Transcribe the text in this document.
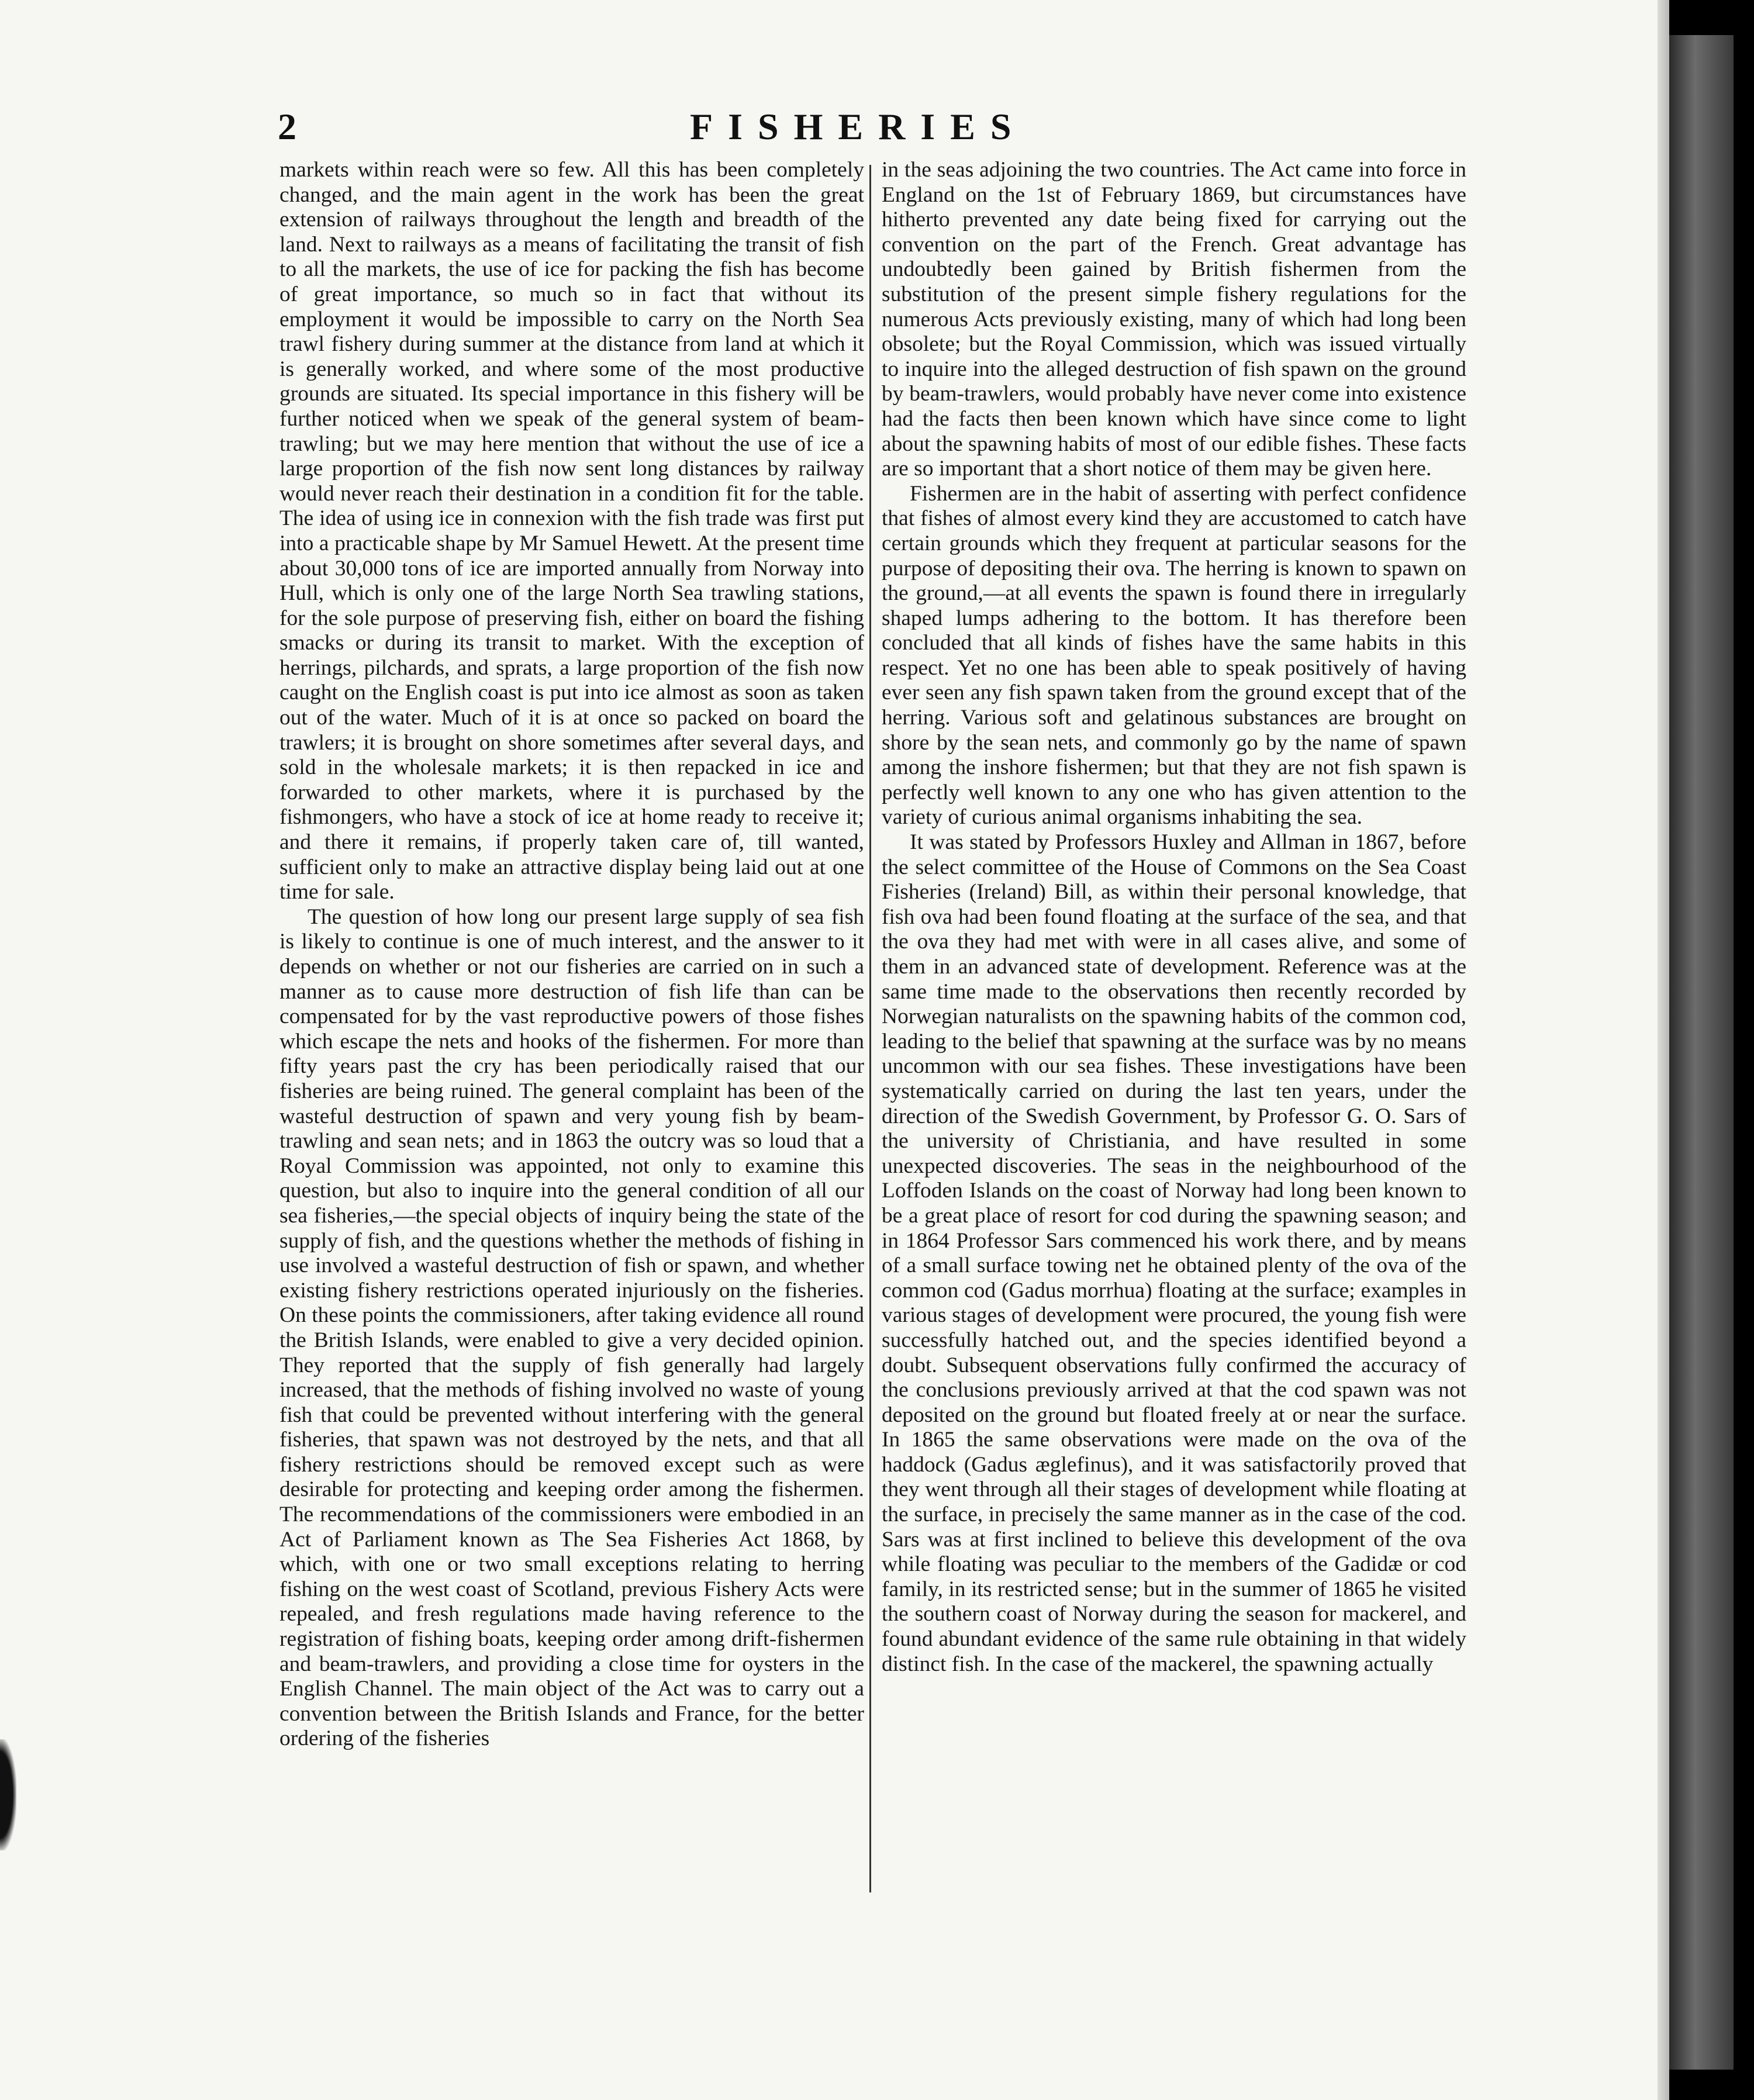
2	FISHERIES

markets within reach were so few. All this has been completely changed, and the main agent in the work has been the great extension of railways throughout the length and breadth of the land. Next to railways as a means of facilitating the transit of fish to all the markets, the use of ice for packing the fish has become of great importance, so much so in fact that without its employment it would be impossible to carry on the North Sea trawl fishery during summer at the distance from land at which it is generally worked, and where some of the most productive grounds are situated. Its special importance in this fishery will be further noticed when we speak of the general system of beam-trawling; but we may here mention that without the use of ice a large proportion of the fish now sent long distances by railway would never reach their destination in a condition fit for the table. The idea of using ice in connexion with the fish trade was first put into a practicable shape by Mr Samuel Hewett. At the present time about 30,000 tons of ice are imported annually from Norway into Hull, which is only one of the large North Sea trawling stations, for the sole purpose of preserving fish, either on board the fishing smacks or during its transit to market. With the exception of herrings, pilchards, and sprats, a large proportion of the fish now caught on the English coast is put into ice almost as soon as taken out of the water. Much of it is at once so packed on board the trawlers; it is brought on shore sometimes after several days, and sold in the wholesale markets; it is then repacked in ice and forwarded to other markets, where it is purchased by the fishmongers, who have a stock of ice at home ready to receive it; and there it remains, if properly taken care of, till wanted, sufficient only to make an attractive display being laid out at one time for sale.

The question of how long our present large supply of sea fish is likely to continue is one of much interest, and the answer to it depends on whether or not our fisheries are carried on in such a manner as to cause more destruction of fish life than can be compensated for by the vast reproductive powers of those fishes which escape the nets and hooks of the fishermen. For more than fifty years past the cry has been periodically raised that our fisheries are being ruined. The general complaint has been of the wasteful destruction of spawn and very young fish by beam-trawling and sean nets; and in 1863 the outcry was so loud that a Royal Commission was appointed, not only to examine this question, but also to inquire into the general condition of all our sea fisheries,—the special objects of inquiry being the state of the supply of fish, and the questions whether the methods of fishing in use involved a wasteful destruction of fish or spawn, and whether existing fishery restrictions operated injuriously on the fisheries. On these points the commissioners, after taking evidence all round the British Islands, were enabled to give a very decided opinion. They reported that the supply of fish generally had largely increased, that the methods of fishing involved no waste of young fish that could be prevented without interfering with the general fisheries, that spawn was not destroyed by the nets, and that all fishery restrictions should be removed except such as were desirable for protecting and keeping order among the fishermen. The recommendations of the commissioners were embodied in an Act of Parliament known as The Sea Fisheries Act 1868, by which, with one or two small exceptions relating to herring fishing on the west coast of Scotland, previous Fishery Acts were repealed, and fresh regulations made having reference to the registration of fishing boats, keeping order among drift-fishermen and beam-trawlers, and providing a close time for oysters in the English Channel. The main object of the Act was to carry out a convention between the British Islands and France, for the better ordering of the fisheries

in the seas adjoining the two countries. The Act came into force in England on the 1st of February 1869, but circumstances have hitherto prevented any date being fixed for carrying out the convention on the part of the French. Great advantage has undoubtedly been gained by British fishermen from the substitution of the present simple fishery regulations for the numerous Acts previously existing, many of which had long been obsolete; but the Royal Commission, which was issued virtually to inquire into the alleged destruction of fish spawn on the ground by beam-trawlers, would probably have never come into existence had the facts then been known which have since come to light about the spawning habits of most of our edible fishes. These facts are so important that a short notice of them may be given here.

Fishermen are in the habit of asserting with perfect confidence that fishes of almost every kind they are accustomed to catch have certain grounds which they frequent at particular seasons for the purpose of depositing their ova. The herring is known to spawn on the ground,—at all events the spawn is found there in irregularly shaped lumps adhering to the bottom. It has therefore been concluded that all kinds of fishes have the same habits in this respect. Yet no one has been able to speak positively of having ever seen any fish spawn taken from the ground except that of the herring. Various soft and gelatinous substances are brought on shore by the sean nets, and commonly go by the name of spawn among the inshore fishermen; but that they are not fish spawn is perfectly well known to any one who has given attention to the variety of curious animal organisms inhabiting the sea.

It was stated by Professors Huxley and Allman in 1867, before the select committee of the House of Commons on the Sea Coast Fisheries (Ireland) Bill, as within their personal knowledge, that fish ova had been found floating at the surface of the sea, and that the ova they had met with were in all cases alive, and some of them in an advanced state of development. Reference was at the same time made to the observations then recently recorded by Norwegian naturalists on the spawning habits of the common cod, leading to the belief that spawning at the surface was by no means uncommon with our sea fishes. These investigations have been systematically carried on during the last ten years, under the direction of the Swedish Government, by Professor G. O. Sars of the university of Christiania, and have resulted in some unexpected discoveries. The seas in the neighbourhood of the Loffoden Islands on the coast of Norway had long been known to be a great place of resort for cod during the spawning season; and in 1864 Professor Sars commenced his work there, and by means of a small surface towing net he obtained plenty of the ova of the common cod (Gadus morrhua) floating at the surface; examples in various stages of development were procured, the young fish were successfully hatched out, and the species identified beyond a doubt. Subsequent observations fully confirmed the accuracy of the conclusions previously arrived at that the cod spawn was not deposited on the ground but floated freely at or near the surface. In 1865 the same observations were made on the ova of the haddock (Gadus æglefinus), and it was satisfactorily proved that they went through all their stages of development while floating at the surface, in precisely the same manner as in the case of the cod. Sars was at first inclined to believe this development of the ova while floating was peculiar to the members of the Gadidæ or cod family, in its restricted sense; but in the summer of 1865 he visited the southern coast of Norway during the season for mackerel, and found abundant evidence of the same rule obtaining in that widely distinct fish. In the case of the mackerel, the spawning actually
